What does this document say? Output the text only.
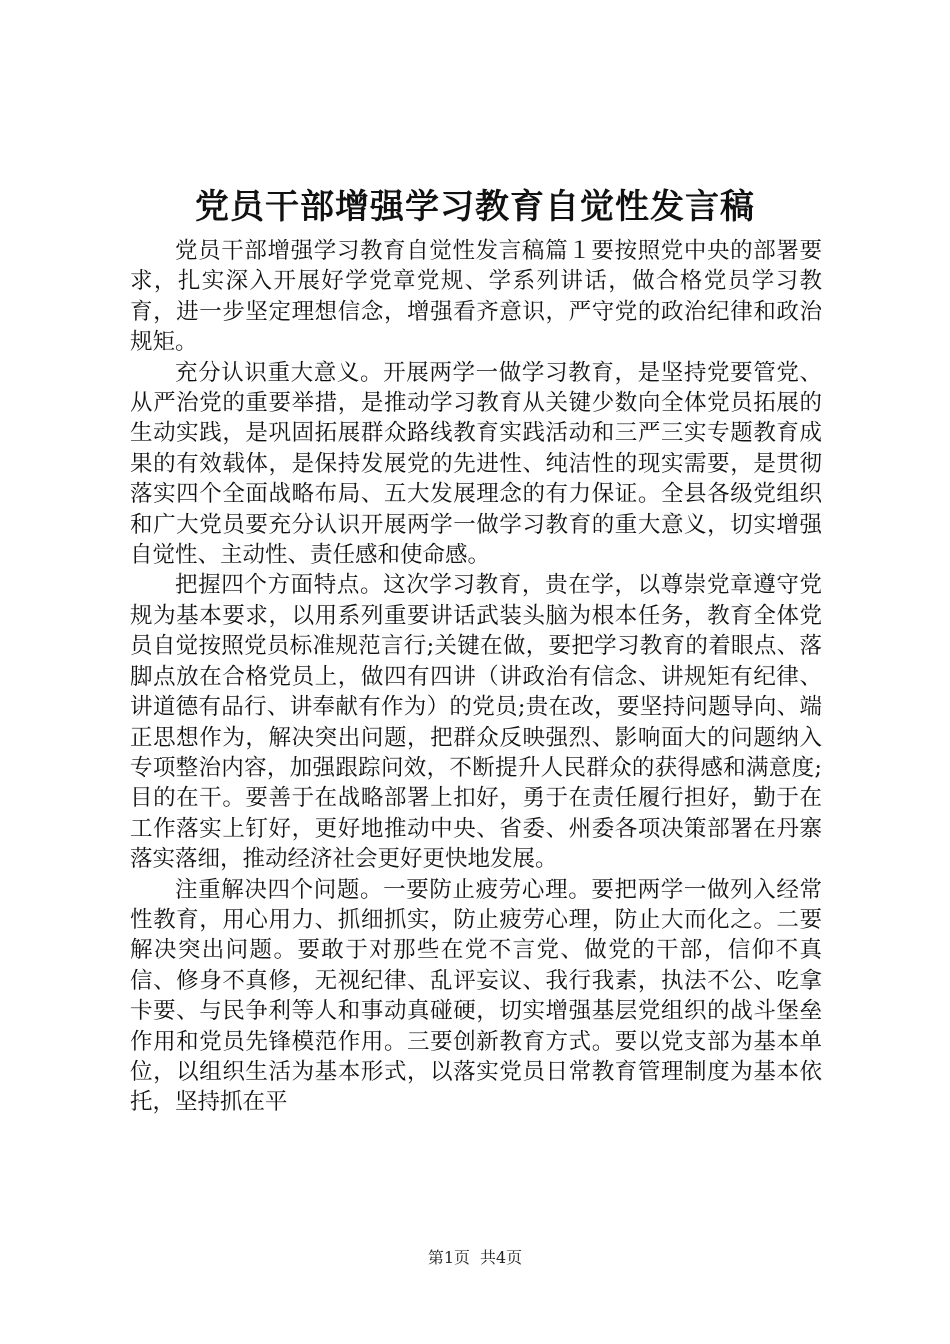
党员干部增强学习教育自觉性发言稿

党员干部增强学习教育自觉性发言稿篇１要按照党中央的部署要求，扎实深入开展好学党章党规、学系列讲话，做合格党员学习教育，进一步坚定理想信念，增强看齐意识，严守党的政治纪律和政治规矩。

充分认识重大意义。开展两学一做学习教育，是坚持党要管党、从严治党的重要举措，是推动学习教育从关键少数向全体党员拓展的生动实践，是巩固拓展群众路线教育实践活动和三严三实专题教育成果的有效载体，是保持发展党的先进性、纯洁性的现实需要，是贯彻落实四个全面战略布局、五大发展理念的有力保证。全县各级党组织和广大党员要充分认识开展两学一做学习教育的重大意义，切实增强自觉性、主动性、责任感和使命感。

把握四个方面特点。这次学习教育，贵在学，以尊崇党章遵守党规为基本要求，以用系列重要讲话武装头脑为根本任务，教育全体党员自觉按照党员标准规范言行;关键在做，要把学习教育的着眼点、落脚点放在合格党员上，做四有四讲（讲政治有信念、讲规矩有纪律、讲道德有品行、讲奉献有作为）的党员;贵在改，要坚持问题导向、端正思想作为，解决突出问题，把群众反映强烈、影响面大的问题纳入专项整治内容，加强跟踪问效，不断提升人民群众的获得感和满意度;目的在干。要善于在战略部署上扣好，勇于在责任履行担好，勤于在工作落实上钉好，更好地推动中央、省委、州委各项决策部署在丹寨落实落细，推动经济社会更好更快地发展。

注重解决四个问题。一要防止疲劳心理。要把两学一做列入经常性教育，用心用力、抓细抓实，防止疲劳心理，防止大而化之。二要解决突出问题。要敢于对那些在党不言党、做党的干部，信仰不真信、修身不真修，无视纪律、乱评妄议、我行我素，执法不公、吃拿卡要、与民争利等人和事动真碰硬，切实增强基层党组织的战斗堡垒作用和党员先锋模范作用。三要创新教育方式。要以党支部为基本单位，以组织生活为基本形式，以落实党员日常教育管理制度为基本依托，坚持抓在平

第1页 共4页
